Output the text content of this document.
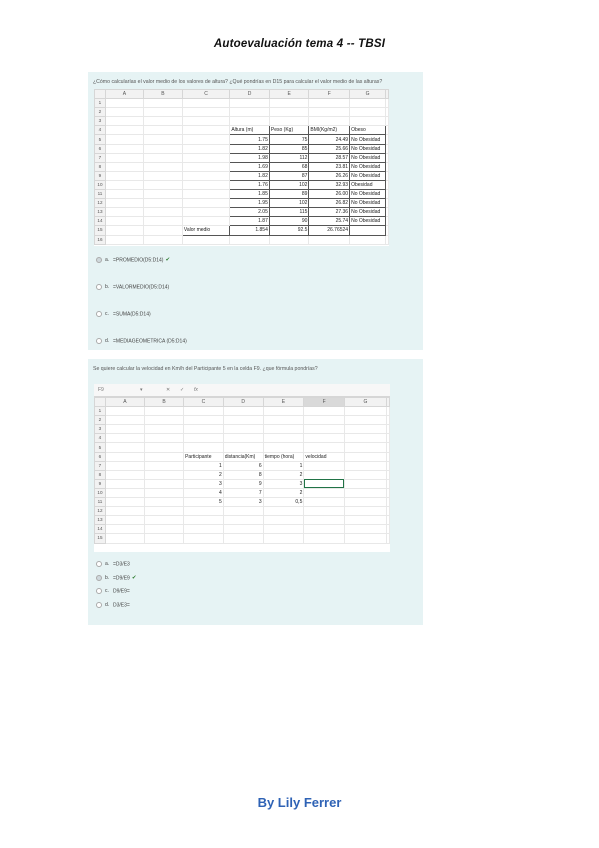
Autoevaluación tema 4 -- TBSI
¿Cómo calcularías el valor medio de los valores de altura? ¿Qué pondrías en D15 para calcular el valor medio de las alturas?
	A	B	C	D	E	F	G	
1								
2								
3								
4				Altura (m)	Peso (Kg)	BMI(Kg/m2)	Obeso	
5				1.75	75	24.49	No Obesidad	
6				1.82	85	25.66	No Obesidad	
7				1.98	112	28.57	No Obesidad	
8				1.69	68	23.81	No Obesidad	
9				1.82	87	26.26	No Obesidad	
10				1.76	102	32.93	Obesidad	
11				1.85	89	26.00	No Obesidad	
12				1.95	102	26.82	No Obesidad	
13				2.05	115	27.36	No Obesidad	
14				1.87	90	25.74	No Obesidad	
15			Valor medio	1.854	92.5	26.76524		
16								
a. =PROMEDIO(D5:D14) ✔
b. =VALORMEDIO(D5:D14)
c. =SUMA(D5:D14)
d. =MEDIAGEOMETRICA (D5:D14)
Se quiere calcular la velocidad en Km/h del Participante 5 en la celda F9. ¿que fórmula pondrías?
F9	▾	✕ ✓ fx
	A	B	C	D	E	F	G	
1								
2								
3								
4								
5								
6			Participante	distancia(Km)	tiempo (hora)	velocidad		
7			1	6	1			
8			2	8	2			
9			3	9	3			
10			4	7	2			
11			5	3	0,5			
12								
13								
14								
15								
a. =D3/E3
b. =D9/E9 ✔
c. D9/E9=
d. D3/E3=
By Lily Ferrer
